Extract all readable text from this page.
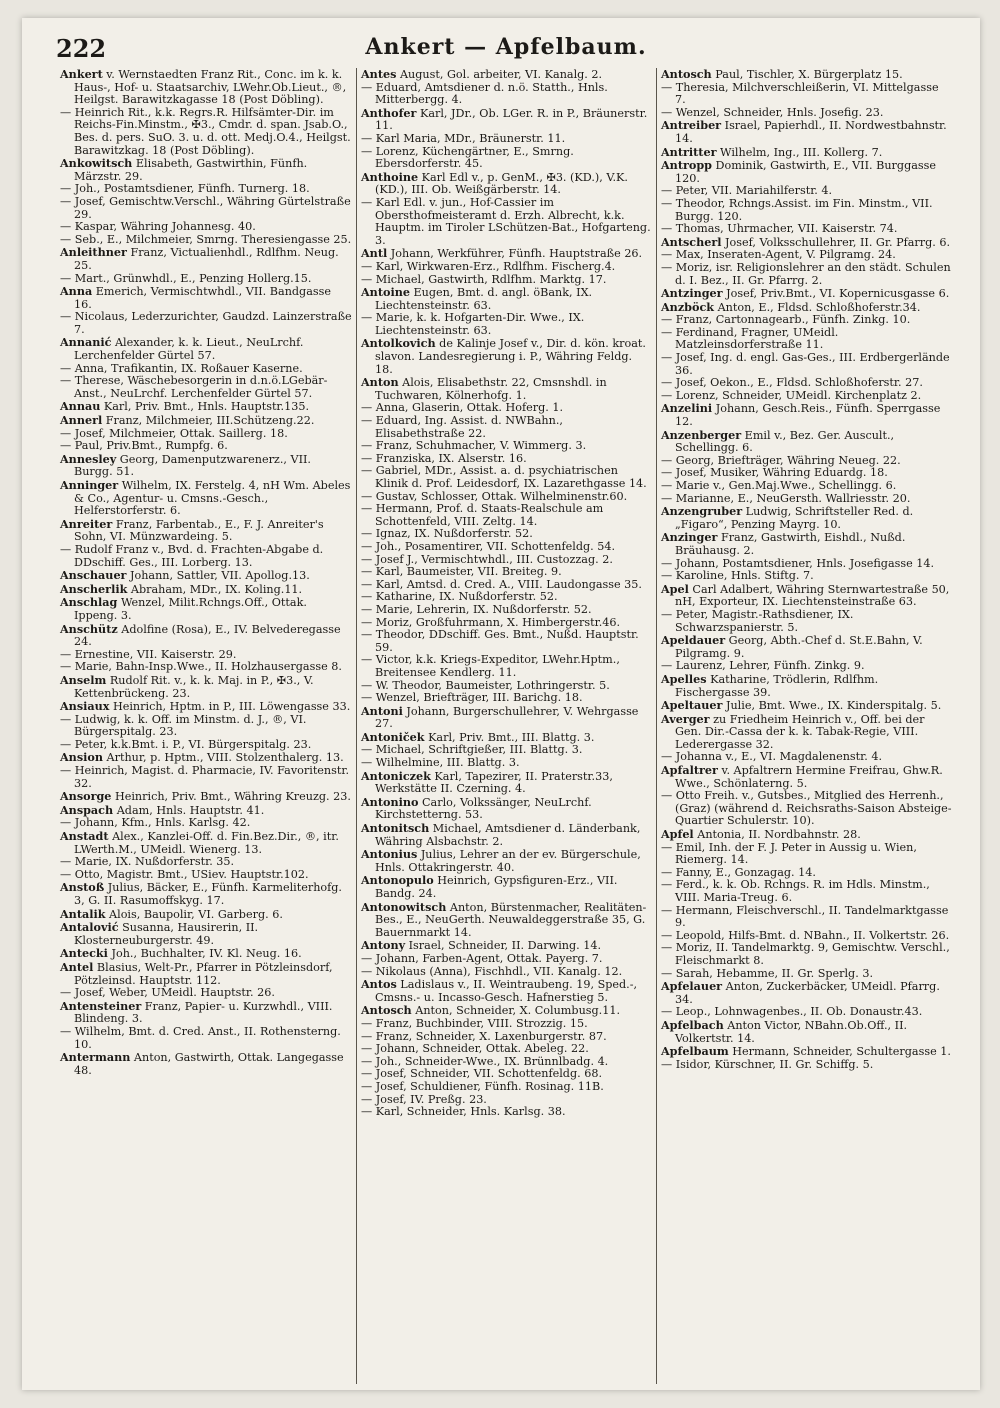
222	Ankert — Apfelbaum.

Ankert v. Wernstaedten Franz Rit., Conc. im k. k. Haus-, Hof- u. Staatsarchiv, LWehr.Ob.Lieut., ®, Heilgst. Barawitzkagasse 18 (Post Döbling).

— Heinrich Rit., k.k. Regrs.R. Hilfsämter-Dir. im Reichs-Fin.Minstm., ✠3., Cmdr. d. span. Jsab.O., Bes. d. pers. SuO. 3. u. d. ott. Medj.O.4., Heilgst. Barawitzkag. 18 (Post Döbling).

Ankowitsch Elisabeth, Gastwirthin, Fünfh. Märzstr. 29.

— Joh., Postamtsdiener, Fünfh. Turnerg. 18.

— Josef, Gemischtw.Verschl., Währing Gürtelstraße 29.

— Kaspar, Währing Johannesg. 40.

— Seb., E., Milchmeier, Smrng. Theresiengasse 25.

Anleithner Franz, Victualienhdl., Rdlfhm. Neug. 25.

— Mart., Grünwhdl., E., Penzing Hollerg.15.

Anna Emerich, Vermischtwhdl., VII. Bandgasse 16.

— Nicolaus, Lederzurichter, Gaudzd. Lainzerstraße 7.

Annanić Alexander, k. k. Lieut., NeuLrchf. Lerchenfelder Gürtel 57.

— Anna, Trafikantin, IX. Roßauer Kaserne.

— Therese, Wäschebesorgerin in d.n.ö.LGebär-Anst., NeuLrchf. Lerchenfelder Gürtel 57.

Annau Karl, Priv. Bmt., Hnls. Hauptstr.135.

Annerl Franz, Milchmeier, III.Schützeng.22.

— Josef, Milchmeier, Ottak. Saillerg. 18.

— Paul, Priv.Bmt., Rumpfg. 6.

Annesley Georg, Damenputzwarenerz., VII. Burgg. 51.

Anninger Wilhelm, IX. Ferstelg. 4, nH Wm. Abeles & Co., Agentur- u. Cmsns.-Gesch., Helferstorferstr. 6.

Anreiter Franz, Farbentab., E., F. J. Anreiter's Sohn, VI. Münzwardeing. 5.

— Rudolf Franz v., Bvd. d. Frachten-Abgabe d. DDschiff. Ges., III. Lorberg. 13.

Anschauer Johann, Sattler, VII. Apollog.13.

Anscherlik Abraham, MDr., IX. Koling.11.

Anschlag Wenzel, Milit.Rchngs.Off., Ottak. Ippeng. 3.

Anschütz Adolfine (Rosa), E., IV. Belvederegasse 24.

— Ernestine, VII. Kaiserstr. 29.

— Marie, Bahn-Insp.Wwe., II. Holzhausergasse 8.

Anselm Rudolf Rit. v., k. k. Maj. in P., ✠3., V. Kettenbrückeng. 23.

Ansiaux Heinrich, Hptm. in P., III. Löwengasse 33.

— Ludwig, k. k. Off. im Minstm. d. J., ®, VI. Bürgerspitalg. 23.

— Peter, k.k.Bmt. i. P., VI. Bürgerspitalg. 23.

Ansion Arthur, p. Hptm., VIII. Stolzenthalerg. 13.

— Heinrich, Magist. d. Pharmacie, IV. Favoritenstr. 32.

Ansorge Heinrich, Priv. Bmt., Währing Kreuzg. 23.

Anspach Adam, Hnls. Hauptstr. 41.

— Johann, Kfm., Hnls. Karlsg. 42.

Anstadt Alex., Kanzlei-Off. d. Fin.Bez.Dir., ®, itr. LWerth.M., UMeidl. Wienerg. 13.

— Marie, IX. Nußdorferstr. 35.

— Otto, Magistr. Bmt., USiev. Hauptstr.102.

Anstoß Julius, Bäcker, E., Fünfh. Karmeliterhofg. 3, G. II. Rasumoffskyg. 17.

Antalik Alois, Baupolir, VI. Garberg. 6.

Antalović Susanna, Hausirerin, II. Klosterneuburgerstr. 49.

Antecki Joh., Buchhalter, IV. Kl. Neug. 16.

Antel Blasius, Welt-Pr., Pfarrer in Pötzleinsdorf, Pötzleinsd. Hauptstr. 112.

— Josef, Weber, UMeidl. Hauptstr. 26.

Antensteiner Franz, Papier- u. Kurzwhdl., VIII. Blindeng. 3.

— Wilhelm, Bmt. d. Cred. Anst., II. Rothensterng. 10.

Antermann Anton, Gastwirth, Ottak. Langegasse 48.

Antes August, Gol. arbeiter, VI. Kanalg. 2.

— Eduard, Amtsdiener d. n.ö. Statth., Hnls. Mitterbergg. 4.

Anthofer Karl, JDr., Ob. LGer. R. in P., Bräunerstr. 11.

— Karl Maria, MDr., Bräunerstr. 11.

— Lorenz, Küchengärtner, E., Smrng. Ebersdorferstr. 45.

Anthoine Karl Edl v., p. GenM., ✠3. (KD.), V.K. (KD.), III. Ob. Weißgärberstr. 14.

— Karl Edl. v. jun., Hof-Cassier im Obersthofmeisteramt d. Erzh. Albrecht, k.k. Hauptm. im Tiroler LSchützen-Bat., Hofgarteng. 3.

Antl Johann, Werkführer, Fünfh. Hauptstraße 26.

— Karl, Wirkwaren-Erz., Rdlfhm. Fischerg.4.

— Michael, Gastwirth, Rdlfhm. Marktg. 17.

Antoine Eugen, Bmt. d. angl. öBank, IX. Liechtensteinstr. 63.

— Marie, k. k. Hofgarten-Dir. Wwe., IX. Liechtensteinstr. 63.

Antolkovich de Kalinje Josef v., Dir. d. kön. kroat. slavon. Landesregierung i. P., Währing Feldg. 18.

Anton Alois, Elisabethstr. 22, Cmsnshdl. in Tuchwaren, Kölnerhofg. 1.

— Anna, Glaserin, Ottak. Hoferg. 1.

— Eduard, Ing. Assist. d. NWBahn., Elisabethstraße 22.

— Franz, Schuhmacher, V. Wimmerg. 3.

— Franziska, IX. Alserstr. 16.

— Gabriel, MDr., Assist. a. d. psychiatrischen Klinik d. Prof. Leidesdorf, IX. Lazarethgasse 14.

— Gustav, Schlosser, Ottak. Wilhelminenstr.60.

— Hermann, Prof. d. Staats-Realschule am Schottenfeld, VIII. Zeltg. 14.

— Ignaz, IX. Nußdorferstr. 52.

— Joh., Posamentirer, VII. Schottenfeldg. 54.

— Josef J., Vermischtwhdl., III. Custozzag. 2.

— Karl, Baumeister, VII. Breiteg. 9.

— Karl, Amtsd. d. Cred. A., VIII. Laudongasse 35.

— Katharine, IX. Nußdorferstr. 52.

— Marie, Lehrerin, IX. Nußdorferstr. 52.

— Moriz, Großfuhrmann, X. Himbergerstr.46.

— Theodor, DDschiff. Ges. Bmt., Nußd. Hauptstr. 59.

— Victor, k.k. Kriegs-Expeditor, LWehr.Hptm., Breitensee Kendlerg. 11.

— W. Theodor, Baumeister, Lothringerstr. 5.

— Wenzel, Briefträger, III. Barichg. 18.

Antoni Johann, Burgerschullehrer, V. Wehrgasse 27.

Antoniček Karl, Priv. Bmt., III. Blattg. 3.

— Michael, Schriftgießer, III. Blattg. 3.

— Wilhelmine, III. Blattg. 3.

Antoniczek Karl, Tapezirer, II. Praterstr.33, Werkstätte II. Czerning. 4.

Antonino Carlo, Volkssänger, NeuLrchf. Kirchstetterng. 53.

Antonitsch Michael, Amtsdiener d. Länderbank, Währing Alsbachstr. 2.

Antonius Julius, Lehrer an der ev. Bürgerschule, Hnls. Ottakringerstr. 40.

Antonopulo Heinrich, Gypsfiguren-Erz., VII. Bandg. 24.

Antonowitsch Anton, Bürstenmacher, Realitäten-Bes., E., NeuGerth. Neuwaldeggerstraße 35, G. Bauernmarkt 14.

Antony Israel, Schneider, II. Darwing. 14.

— Johann, Farben-Agent, Ottak. Payerg. 7.

— Nikolaus (Anna), Fischhdl., VII. Kanalg. 12.

Antos Ladislaus v., II. Weintraubeng. 19, Sped.-, Cmsns.- u. Incasso-Gesch. Hafnerstieg 5.

Antosch Anton, Schneider, X. Columbusg.11.

— Franz, Buchbinder, VIII. Strozzig. 15.

— Franz, Schneider, X. Laxenburgerstr. 87.

— Johann, Schneider, Ottak. Abeleg. 22.

— Joh., Schneider-Wwe., IX. Brünnlbadg. 4.

— Josef, Schneider, VII. Schottenfeldg. 68.

— Josef, Schuldiener, Fünfh. Rosinag. 11B.

— Josef, IV. Preßg. 23.

— Karl, Schneider, Hnls. Karlsg. 38.

Antosch Paul, Tischler, X. Bürgerplatz 15.

— Theresia, Milchverschleißerin, VI. Mittelgasse 7.

— Wenzel, Schneider, Hnls. Josefig. 23.

Antreiber Israel, Papierhdl., II. Nordwestbahnstr. 14.

Antritter Wilhelm, Ing., III. Kollerg. 7.

Antropp Dominik, Gastwirth, E., VII. Burggasse 120.

— Peter, VII. Mariahilferstr. 4.

— Theodor, Rchngs.Assist. im Fin. Minstm., VII. Burgg. 120.

— Thomas, Uhrmacher, VII. Kaiserstr. 74.

Antscherl Josef, Volksschullehrer, II. Gr. Pfarrg. 6.

— Max, Inseraten-Agent, V. Pilgramg. 24.

— Moriz, isr. Religionslehrer an den städt. Schulen d. I. Bez., II. Gr. Pfarrg. 2.

Antzinger Josef, Priv.Bmt., VI. Kopernicusgasse 6.

Anzböck Anton, E., Fldsd. Schloßhoferstr.34.

— Franz, Cartonnagearb., Fünfh. Zinkg. 10.

— Ferdinand, Fragner, UMeidl. Matzleinsdorferstraße 11.

— Josef, Ing. d. engl. Gas-Ges., III. Erdbergerlände 36.

— Josef, Oekon., E., Fldsd. Schloßhoferstr. 27.

— Lorenz, Schneider, UMeidl. Kirchenplatz 2.

Anzelini Johann, Gesch.Reis., Fünfh. Sperrgasse 12.

Anzenberger Emil v., Bez. Ger. Auscult., Schellingg. 6.

— Georg, Briefträger, Währing Neueg. 22.

— Josef, Musiker, Währing Eduardg. 18.

— Marie v., Gen.Maj.Wwe., Schellingg. 6.

— Marianne, E., NeuGersth. Wallriesstr. 20.

Anzengruber Ludwig, Schriftsteller Red. d. „Figaro“, Penzing Mayrg. 10.

Anzinger Franz, Gastwirth, Eishdl., Nußd. Bräuhausg. 2.

— Johann, Postamtsdiener, Hnls. Josefigasse 14.

— Karoline, Hnls. Stiftg. 7.

Apel Carl Adalbert, Währing Sternwartestraße 50, nH, Exporteur, IX. Liechtensteinstraße 63.

— Peter, Magistr.-Rathsdiener, IX. Schwarzspanierstr. 5.

Apeldauer Georg, Abth.-Chef d. St.E.Bahn, V. Pilgramg. 9.

— Laurenz, Lehrer, Fünfh. Zinkg. 9.

Apelles Katharine, Trödlerin, Rdlfhm. Fischergasse 39.

Apeltauer Julie, Bmt. Wwe., IX. Kinderspitalg. 5.

Averger zu Friedheim Heinrich v., Off. bei der Gen. Dir.-Cassa der k. k. Tabak-Regie, VIII. Lederergasse 32.

— Johanna v., E., VI. Magdalenenstr. 4.

Apfaltrer v. Apfaltrern Hermine Freifrau, Ghw.R. Wwe., Schönlaterng. 5.

— Otto Freih. v., Gutsbes., Mitglied des Herrenh., (Graz) (während d. Reichsraths-Saison Absteige-Quartier Schulerstr. 10).

Apfel Antonia, II. Nordbahnstr. 28.

— Emil, Inh. der F. J. Peter in Aussig u. Wien, Riemerg. 14.

— Fanny, E., Gonzagag. 14.

— Ferd., k. k. Ob. Rchngs. R. im Hdls. Minstm., VIII. Maria-Treug. 6.

— Hermann, Fleischverschl., II. Tandelmarktgasse 9.

— Leopold, Hilfs-Bmt. d. NBahn., II. Volkertstr. 26.

— Moriz, II. Tandelmarktg. 9, Gemischtw. Verschl., Fleischmarkt 8.

— Sarah, Hebamme, II. Gr. Sperlg. 3.

Apfelauer Anton, Zuckerbäcker, UMeidl. Pfarrg. 34.

— Leop., Lohnwagenbes., II. Ob. Donaustr.43.

Apfelbach Anton Victor, NBahn.Ob.Off., II. Volkertstr. 14.

Apfelbaum Hermann, Schneider, Schultergasse 1.

— Isidor, Kürschner, II. Gr. Schiffg. 5.
